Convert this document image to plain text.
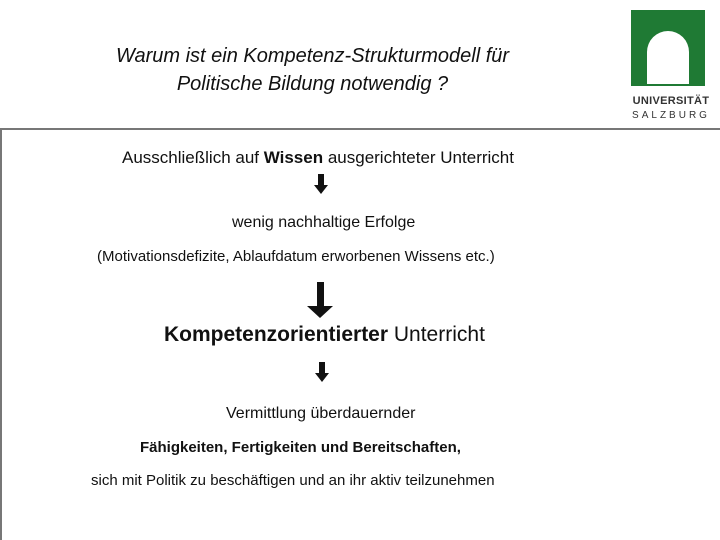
Warum ist ein Kompetenz-Strukturmodell für
Politische Bildung notwendig ?
UNIVERSITÄT
SALZBURG
Ausschließlich auf Wissen ausgerichteter Unterricht
wenig nachhaltige Erfolge
(Motivationsdefizite, Ablaufdatum erworbenen Wissens etc.)
Kompetenzorientierter Unterricht
Vermittlung überdauernder
Fähigkeiten, Fertigkeiten und Bereitschaften,
sich mit Politik zu beschäftigen und an ihr aktiv teilzunehmen
